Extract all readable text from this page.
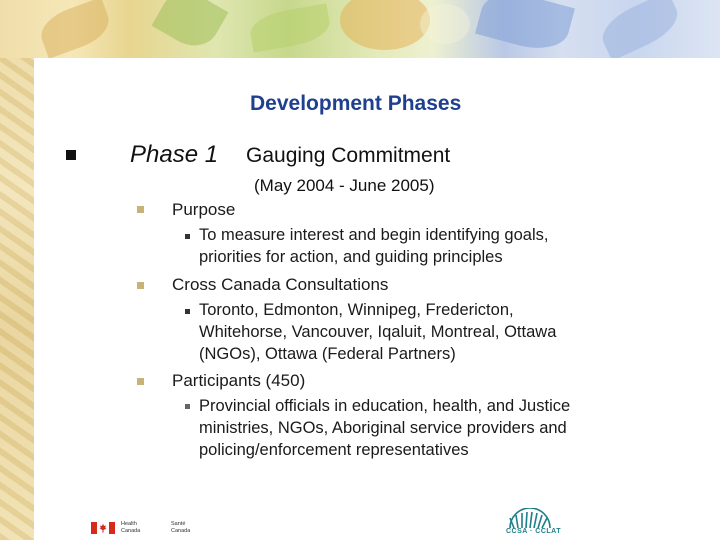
Development Phases
Phase 1 Gauging Commitment
(May 2004 - June 2005)
Purpose
To measure interest and begin identifying goals,
priorities for action, and guiding principles
Cross Canada Consultations
Toronto, Edmonton, Winnipeg, Fredericton,
Whitehorse, Vancouver, Iqaluit, Montreal, Ottawa
(NGOs), Ottawa (Federal Partners)
Participants (450)
Provincial officials in education, health, and Justice
ministries, NGOs, Aboriginal service providers and
policing/enforcement representatives
Health
Canada
Santé
Canada	CCSA · CCLAT
